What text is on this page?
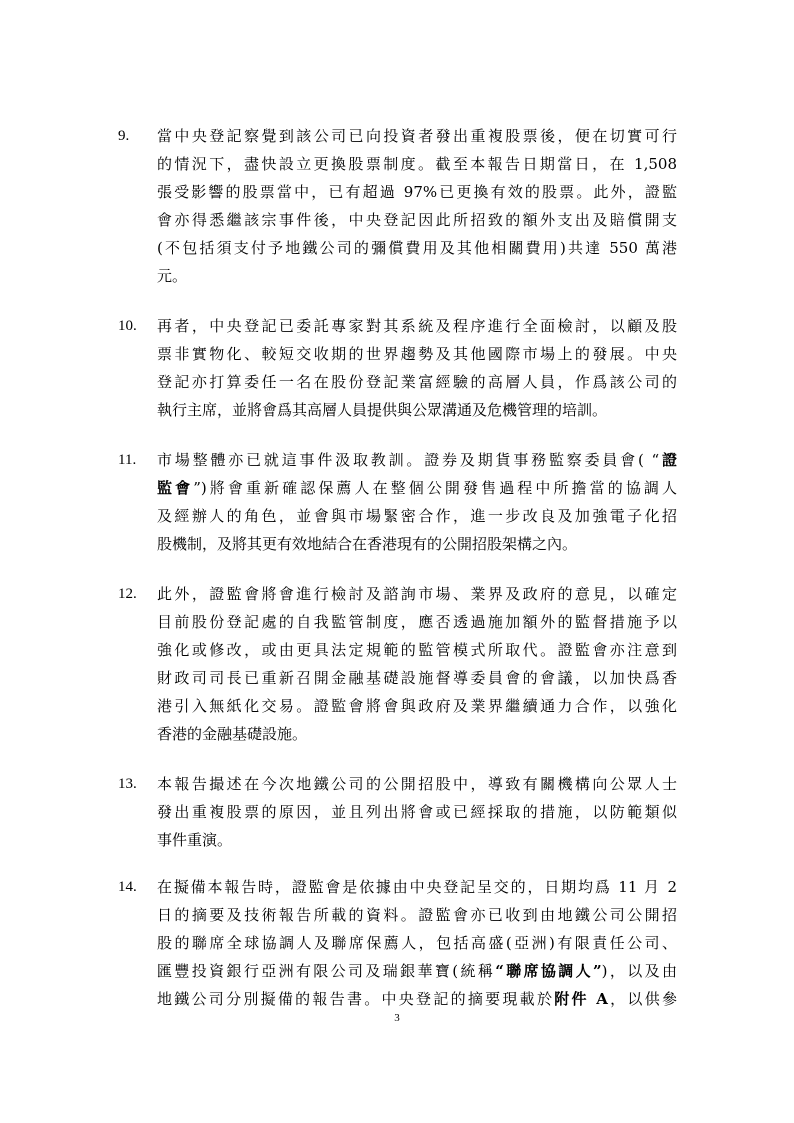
9.	當中央登記察覺到該公司已向投資者發出重複股票後，便在切實可行
的情況下，盡快設立更換股票制度。截至本報告日期當日，在 1,508
張受影響的股票當中，已有超過 97%已更換有效的股票。此外，證監
會亦得悉繼該宗事件後，中央登記因此所招致的額外支出及賠償開支
(不包括須支付予地鐵公司的彌償費用及其他相關費用)共達 550 萬港
元。
10.	再者，中央登記已委託專家對其系統及程序進行全面檢討，以顧及股
票非實物化、較短交收期的世界趨勢及其他國際市場上的發展。中央
登記亦打算委任一名在股份登記業富經驗的高層人員，作爲該公司的
執行主席，並將會爲其高層人員提供與公眾溝通及危機管理的培訓。
11.	市場整體亦已就這事件汲取教訓。證券及期貨事務監察委員會( “證
監會”)將會重新確認保薦人在整個公開發售過程中所擔當的協調人
及經辦人的角色，並會與市場緊密合作，進一步改良及加強電子化招
股機制，及將其更有效地結合在香港現有的公開招股架構之內。
12.	此外，證監會將會進行檢討及諮詢市場、業界及政府的意見，以確定
目前股份登記處的自我監管制度，應否透過施加額外的監督措施予以
強化或修改，或由更具法定規範的監管模式所取代。證監會亦注意到
財政司司長已重新召開金融基礎設施督導委員會的會議，以加快爲香
港引入無紙化交易。證監會將會與政府及業界繼續通力合作，以強化
香港的金融基礎設施。
13.	本報告撮述在今次地鐵公司的公開招股中，導致有關機構向公眾人士
發出重複股票的原因，並且列出將會或已經採取的措施，以防範類似
事件重演。
14.	在擬備本報告時，證監會是依據由中央登記呈交的，日期均爲 11 月 2
日的摘要及技術報告所載的資料。證監會亦已收到由地鐵公司公開招
股的聯席全球協調人及聯席保薦人，包括高盛(亞洲)有限責任公司、
匯豐投資銀行亞洲有限公司及瑞銀華寶(統稱“聯席協調人”)，以及由
地鐵公司分別擬備的報告書。中央登記的摘要現載於附件 A，以供參
3
